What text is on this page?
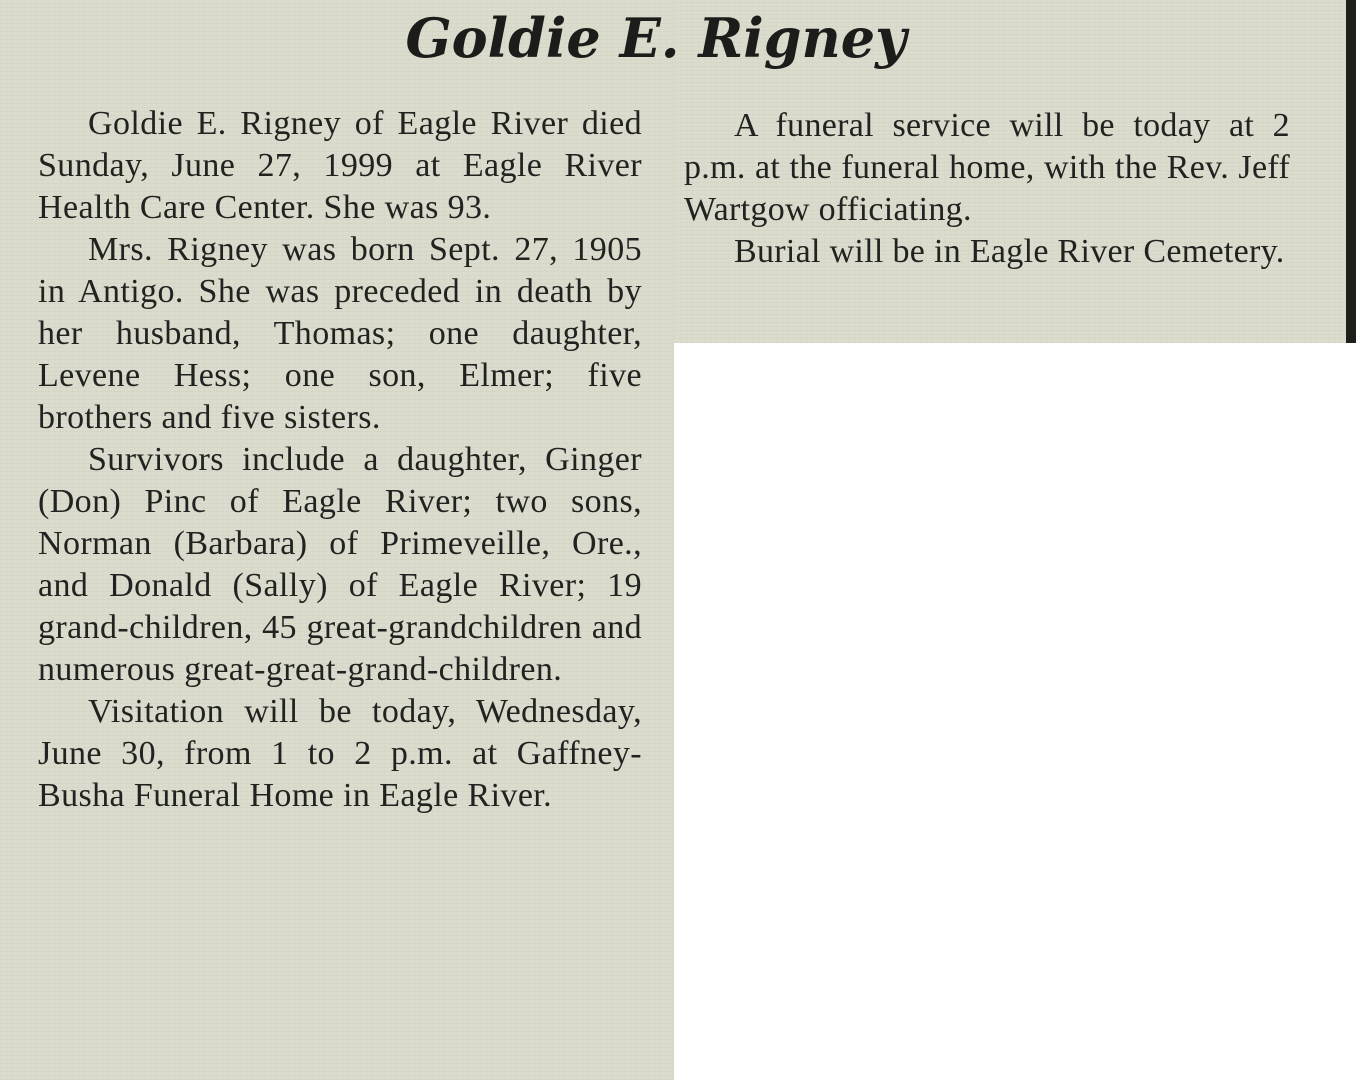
Goldie E. Rigney

Goldie E. Rigney of Eagle River died Sunday, June 27, 1999 at Eagle River Health Care Center. She was 93.

Mrs. Rigney was born Sept. 27, 1905 in Antigo. She was preceded in death by her husband, Thomas; one daughter, Levene Hess; one son, Elmer; five brothers and five sisters.

Survivors include a daughter, Ginger (Don) Pinc of Eagle River; two sons, Norman (Barbara) of Primeveille, Ore., and Donald (Sally) of Eagle River; 19 grand-children, 45 great-grandchildren and numerous great-great-grand-children.

Visitation will be today, Wednesday, June 30, from 1 to 2 p.m. at Gaffney-Busha Funeral Home in Eagle River.

A funeral service will be today at 2 p.m. at the funeral home, with the Rev. Jeff Wartgow officiating.

Burial will be in Eagle River Cemetery.
